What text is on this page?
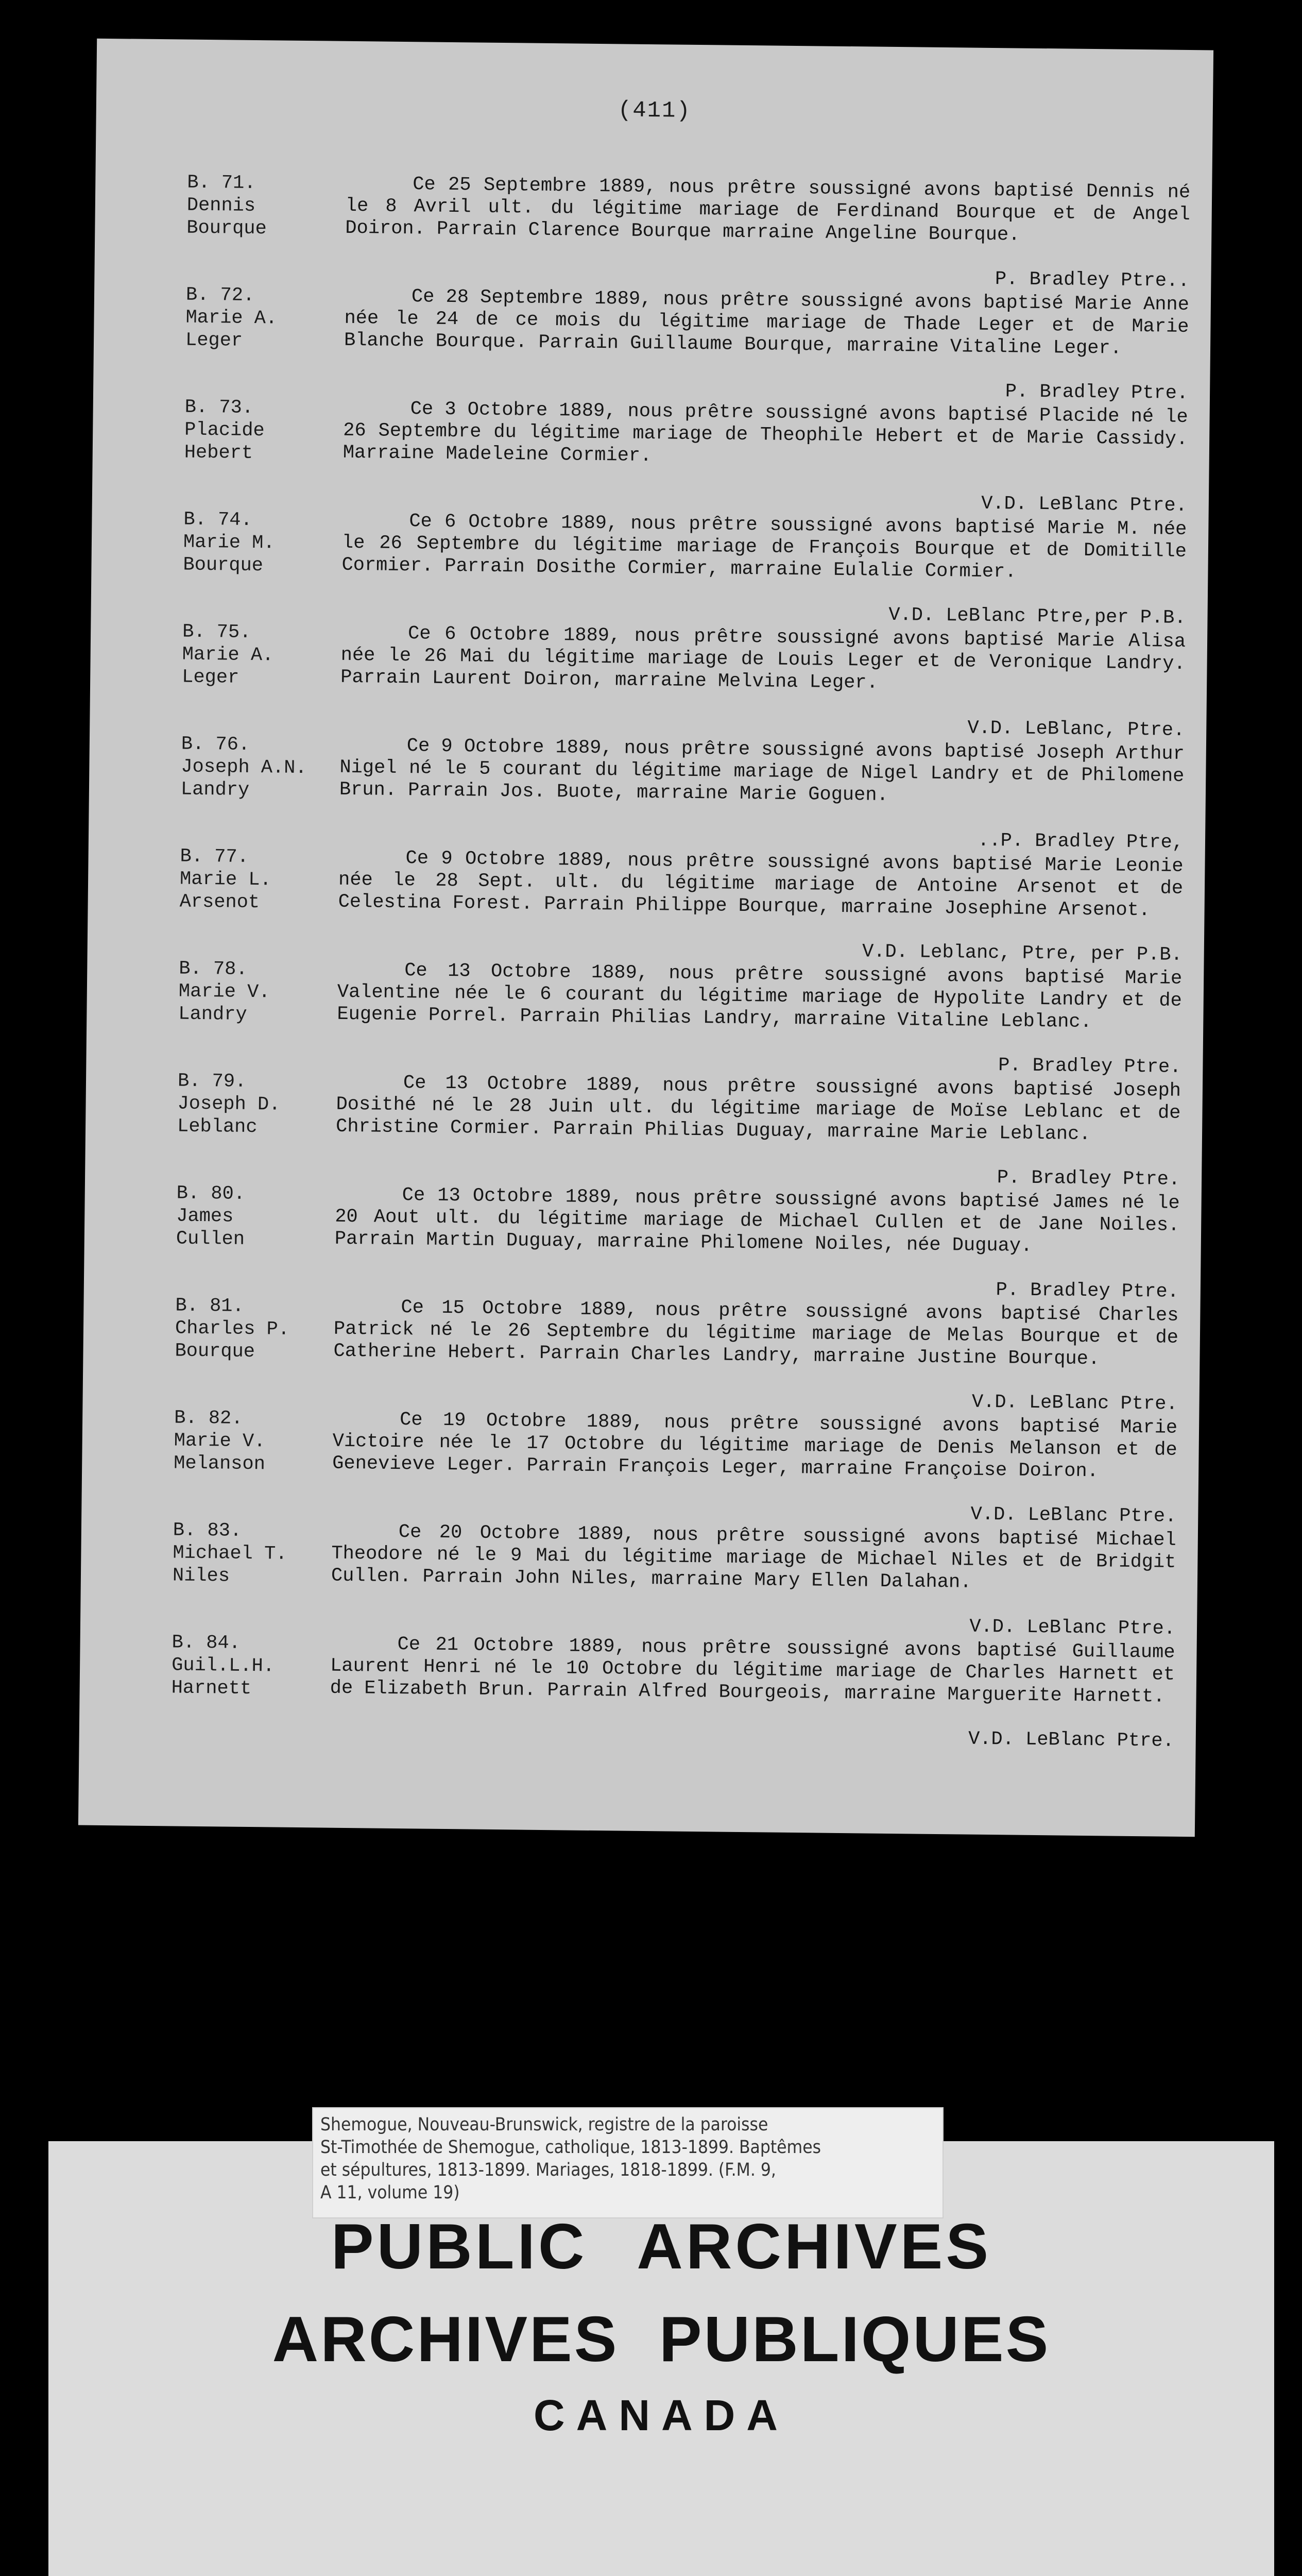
(411)
B. 71.
Dennis
Bourque
Ce 25 Septembre 1889, nous prêtre soussigné avons baptisé Dennis né le 8 Avril ult. du légitime mariage de Ferdinand Bourque et de Angel Doiron. Parrain Clarence Bourque marraine Angeline Bourque.
P. Bradley Ptre..
B. 72.
Marie A.
Leger
Ce 28 Septembre 1889, nous prêtre soussigné avons baptisé Marie Anne née le 24 de ce mois du légitime mariage de Thade Leger et de Marie Blanche Bourque. Parrain Guillaume Bourque, marraine Vitaline Leger.
P. Bradley Ptre.
B. 73.
Placide
Hebert
Ce 3 Octobre 1889, nous prêtre soussigné avons baptisé Placide né le 26 Septembre du légitime mariage de Theophile Hebert et de Marie Cassidy. Marraine Madeleine Cormier.
V.D. LeBlanc Ptre.
B. 74.
Marie M.
Bourque
Ce 6 Octobre 1889, nous prêtre soussigné avons baptisé Marie M. née le 26 Septembre du légitime mariage de François Bourque et de Domitille Cormier. Parrain Dosithe Cormier, marraine Eulalie Cormier.
V.D. LeBlanc Ptre,per P.B.
B. 75.
Marie A.
Leger
Ce 6 Octobre 1889, nous prêtre soussigné avons baptisé Marie Alisa née le 26 Mai du légitime mariage de Louis Leger et de Veronique Landry. Parrain Laurent Doiron, marraine Melvina Leger.
V.D. LeBlanc, Ptre.
B. 76.
Joseph A.N.
Landry
Ce 9 Octobre 1889, nous prêtre soussigné avons baptisé Joseph Arthur Nigel né le 5 courant du légitime mariage de Nigel Landry et de Philomene Brun. Parrain Jos. Buote, marraine Marie Goguen.
..P. Bradley Ptre,
B. 77.
Marie L.
Arsenot
Ce 9 Octobre 1889, nous prêtre soussigné avons baptisé Marie Leonie née le 28 Sept. ult. du légitime mariage de Antoine Arsenot et de Celestina Forest. Parrain Philippe Bourque, marraine Josephine Arsenot.
V.D. Leblanc, Ptre, per P.B.
B. 78.
Marie V.
Landry
Ce 13 Octobre 1889, nous prêtre soussigné avons baptisé Marie Valentine née le 6 courant du légitime mariage de Hypolite Landry et de Eugenie Porrel. Parrain Philias Landry, marraine Vitaline Leblanc.
P. Bradley Ptre.
B. 79.
Joseph D.
Leblanc
Ce 13 Octobre 1889, nous prêtre soussigné avons baptisé Joseph Dosithé né le 28 Juin ult. du légitime mariage de Moïse Leblanc et de Christine Cormier. Parrain Philias Duguay, marraine Marie Leblanc.
P. Bradley Ptre.
B. 80.
James
Cullen
Ce 13 Octobre 1889, nous prêtre soussigné avons baptisé James né le 20 Aout ult. du légitime mariage de Michael Cullen et de Jane Noiles. Parrain Martin Duguay, marraine Philomene Noiles, née Duguay.
P. Bradley Ptre.
B. 81.
Charles P.
Bourque
Ce 15 Octobre 1889, nous prêtre soussigné avons baptisé Charles Patrick né le 26 Septembre du légitime mariage de Melas Bourque et de Catherine Hebert. Parrain Charles Landry, marraine Justine Bourque.
V.D. LeBlanc Ptre.
B. 82.
Marie V.
Melanson
Ce 19 Octobre 1889, nous prêtre soussigné avons baptisé Marie Victoire née le 17 Octobre du légitime mariage de Denis Melanson et de Genevieve Leger. Parrain François Leger, marraine Françoise Doiron.
V.D. LeBlanc Ptre.
B. 83.
Michael T.
Niles
Ce 20 Octobre 1889, nous prêtre soussigné avons baptisé Michael Theodore né le 9 Mai du légitime mariage de Michael Niles et de Bridgit Cullen. Parrain John Niles, marraine Mary Ellen Dalahan.
V.D. LeBlanc Ptre.
B. 84.
Guil.L.H.
Harnett
Ce 21 Octobre 1889, nous prêtre soussigné avons baptisé Guillaume Laurent Henri né le 10 Octobre du légitime mariage de Charles Harnett et de Elizabeth Brun. Parrain Alfred Bourgeois, marraine Marguerite Harnett.
V.D. LeBlanc Ptre.
Shemogue, Nouveau-Brunswick, registre de la paroisse
St-Timothée de Shemogue, catholique, 1813-1899. Baptêmes
et sépultures, 1813-1899. Mariages, 1818-1899. (F.M. 9,
A 11, volume 19)
PUBLIC ARCHIVES
ARCHIVES PUBLIQUES
CANADA
